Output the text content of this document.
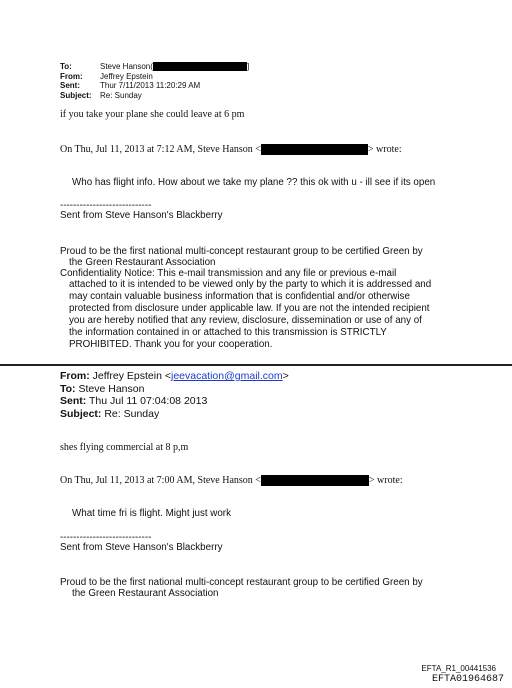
To:	Steve Hanson(	]
From: Jeffrey Epstein
Sent:	Thur 7/11/2013 11:20:29 AM
Subject: Re: Sunday
if you take your plane she could leave at 6 pm
On Thu, Jul 11, 2013 at 7:12 AM, Steve Hanson <	> wrote:
Who has flight info. How about we take my plane ?? this ok with u - ill see if its open
----------------------------
Sent from Steve Hanson's Blackberry
Proud to be the first national multi-concept restaurant group to be certified Green by
the Green Restaurant Association
Confidentiality Notice: This e-mail transmission and any file or previous e-mail
attached to it is intended to be viewed only by the party to which it is addressed and
may contain valuable business information that is confidential and/or otherwise
protected from disclosure under applicable law. If you are not the intended recipient
you are hereby notified that any review, disclosure, dissemination or use of any of
the information contained in or attached to this transmission is STRICTLY
PROHIBITED. Thank you for your cooperation.
From: Jeffrey Epstein <jeevacation@gmail.com>
To: Steve Hanson
Sent: Thu Jul 11 07:04:08 2013
Subject: Re: Sunday
shes flying commercial at 8 p,m
On Thu, Jul 11, 2013 at 7:00 AM, Steve Hanson <	> wrote:
What time fri is flight. Might just work
----------------------------
Sent from Steve Hanson's Blackberry
Proud to be the first national multi-concept restaurant group to be certified Green by
the Green Restaurant Association
EFTA_R1_00441536
EFTA01964687
